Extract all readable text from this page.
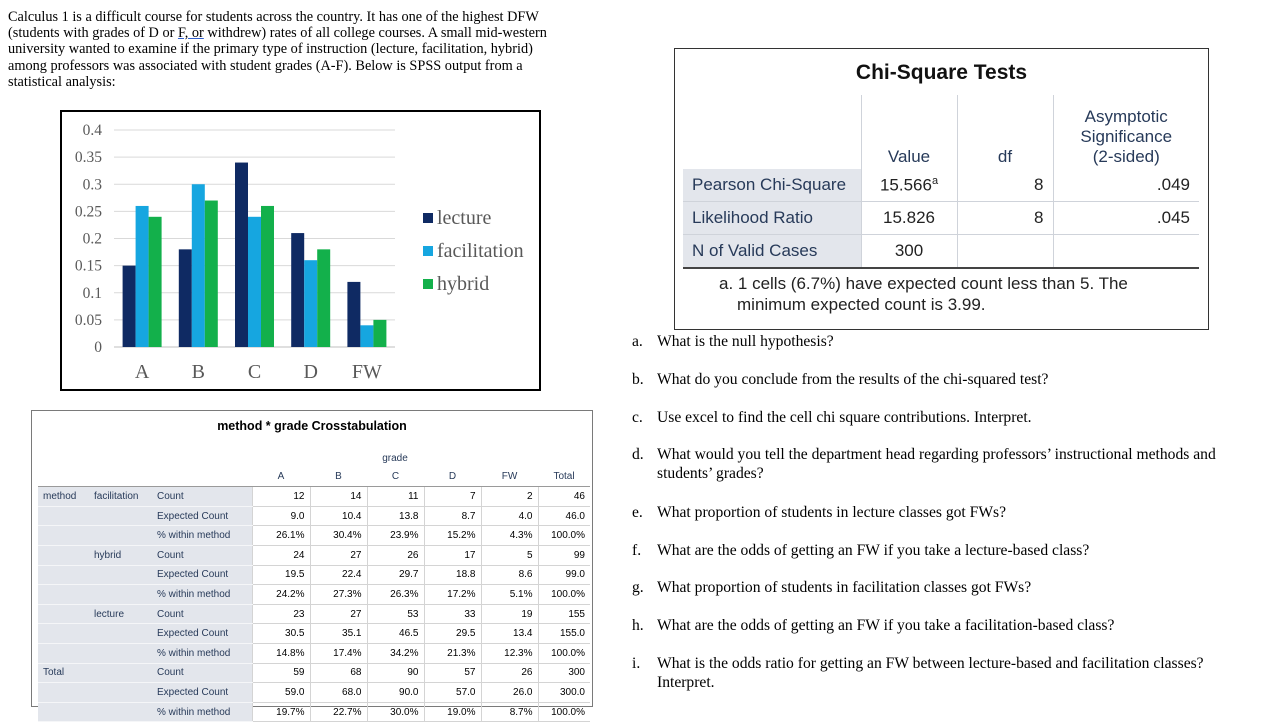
Calculus 1 is a difficult course for students across the country. It has one of the highest DFW
(students with grades of D or F, or withdrew) rates of all college courses. A small mid-western
university wanted to examine if the primary type of instruction (lecture, facilitation, hybrid)
among professors was associated with student grades (A-F). Below is SPSS output from a
statistical analysis:
0.4
0.35
0.3
0.25
0.2
0.15
0.1
0.05
0
A B C D FW
lecture
facilitation
hybrid
method * grade Crosstabulation
			grade					
			A	B	C	D	FW	Total
method	facilitation	Count	12	14	11	7	2	46
		Expected Count	9.0	10.4	13.8	8.7	4.0	46.0
		% within method	26.1%	30.4%	23.9%	15.2%	4.3%	100.0%
	hybrid	Count	24	27	26	17	5	99
		Expected Count	19.5	22.4	29.7	18.8	8.6	99.0
		% within method	24.2%	27.3%	26.3%	17.2%	5.1%	100.0%
	lecture	Count	23	27	53	33	19	155
		Expected Count	30.5	35.1	46.5	29.5	13.4	155.0
		% within method	14.8%	17.4%	34.2%	21.3%	12.3%	100.0%
Total		Count	59	68	90	57	26	300
		Expected Count	59.0	68.0	90.0	57.0	26.0	300.0
		% within method	19.7%	22.7%	30.0%	19.0%	8.7%	100.0%
Chi-Square Tests
	Value	df	Asymptotic
Significance
(2-sided)

Pearson Chi-Square	15.566$^a$	8	.049
Likelihood Ratio	15.826	8	.045
N of Valid Cases	300		
a. 1 cells (6.7%) have expected count less than 5. The
minimum expected count is 3.99.
a. What is the null hypothesis?
b. What do you conclude from the results of the chi-squared test?
c. Use excel to find the cell chi square contributions. Interpret.
d. What would you tell the department head regarding professors’ instructional methods and students’ grades?
e. What proportion of students in lecture classes got FWs?
f. What are the odds of getting an FW if you take a lecture-based class?
g. What proportion of students in facilitation classes got FWs?
h. What are the odds of getting an FW if you take a facilitation-based class?
i. What is the odds ratio for getting an FW between lecture-based and facilitation classes? Interpret.
